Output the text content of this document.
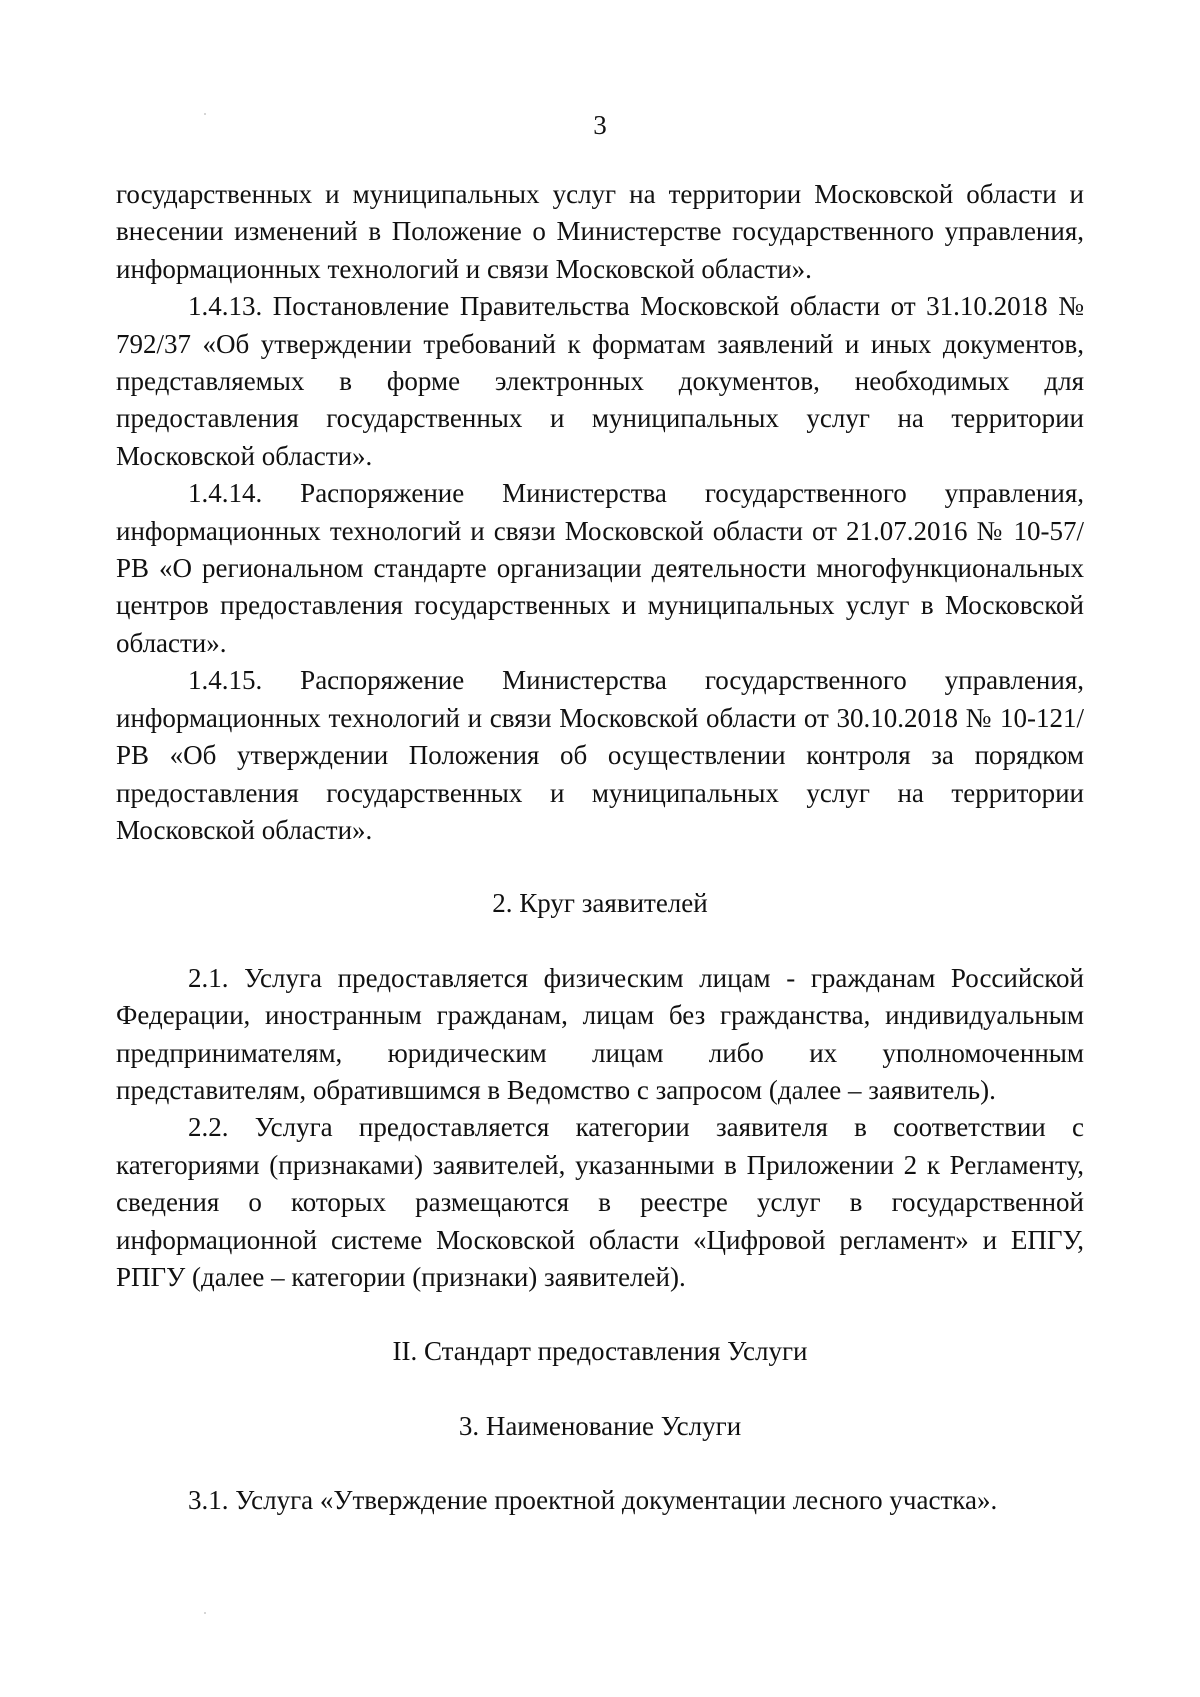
3

государственных и муниципальных услуг на территории Московской области и внесении изменений в Положение о Министерстве государственного управления, информационных технологий и связи Московской области».

1.4.13. Постановление Правительства Московской области от 31.10.2018 № 792/37 «Об утверждении требований к форматам заявлений и иных документов, представляемых в форме электронных документов, необходимых для предоставления государственных и муниципальных услуг на территории Московской области».

1.4.14. Распоряжение Министерства государственного управления, информационных технологий и связи Московской области от 21.07.2016 № 10-57/РВ «О региональном стандарте организации деятельности многофункциональных центров предоставления государственных и муниципальных услуг в Московской области».

1.4.15. Распоряжение Министерства государственного управления, информационных технологий и связи Московской области от 30.10.2018 № 10-121/РВ «Об утверждении Положения об осуществлении контроля за порядком предоставления государственных и муниципальных услуг на территории Московской области».

2. Круг заявителей

2.1. Услуга предоставляется физическим лицам - гражданам Российской Федерации, иностранным гражданам, лицам без гражданства, индивидуальным предпринимателям, юридическим лицам либо их уполномоченным представителям, обратившимся в Ведомство с запросом (далее – заявитель).

2.2. Услуга предоставляется категории заявителя в соответствии с категориями (признаками) заявителей, указанными в Приложении 2 к Регламенту, сведения о которых размещаются в реестре услуг в государственной информационной системе Московской области «Цифровой регламент» и ЕПГУ, РПГУ (далее – категории (признаки) заявителей).

II. Стандарт предоставления Услуги

3. Наименование Услуги

3.1. Услуга «Утверждение проектной документации лесного участка».
